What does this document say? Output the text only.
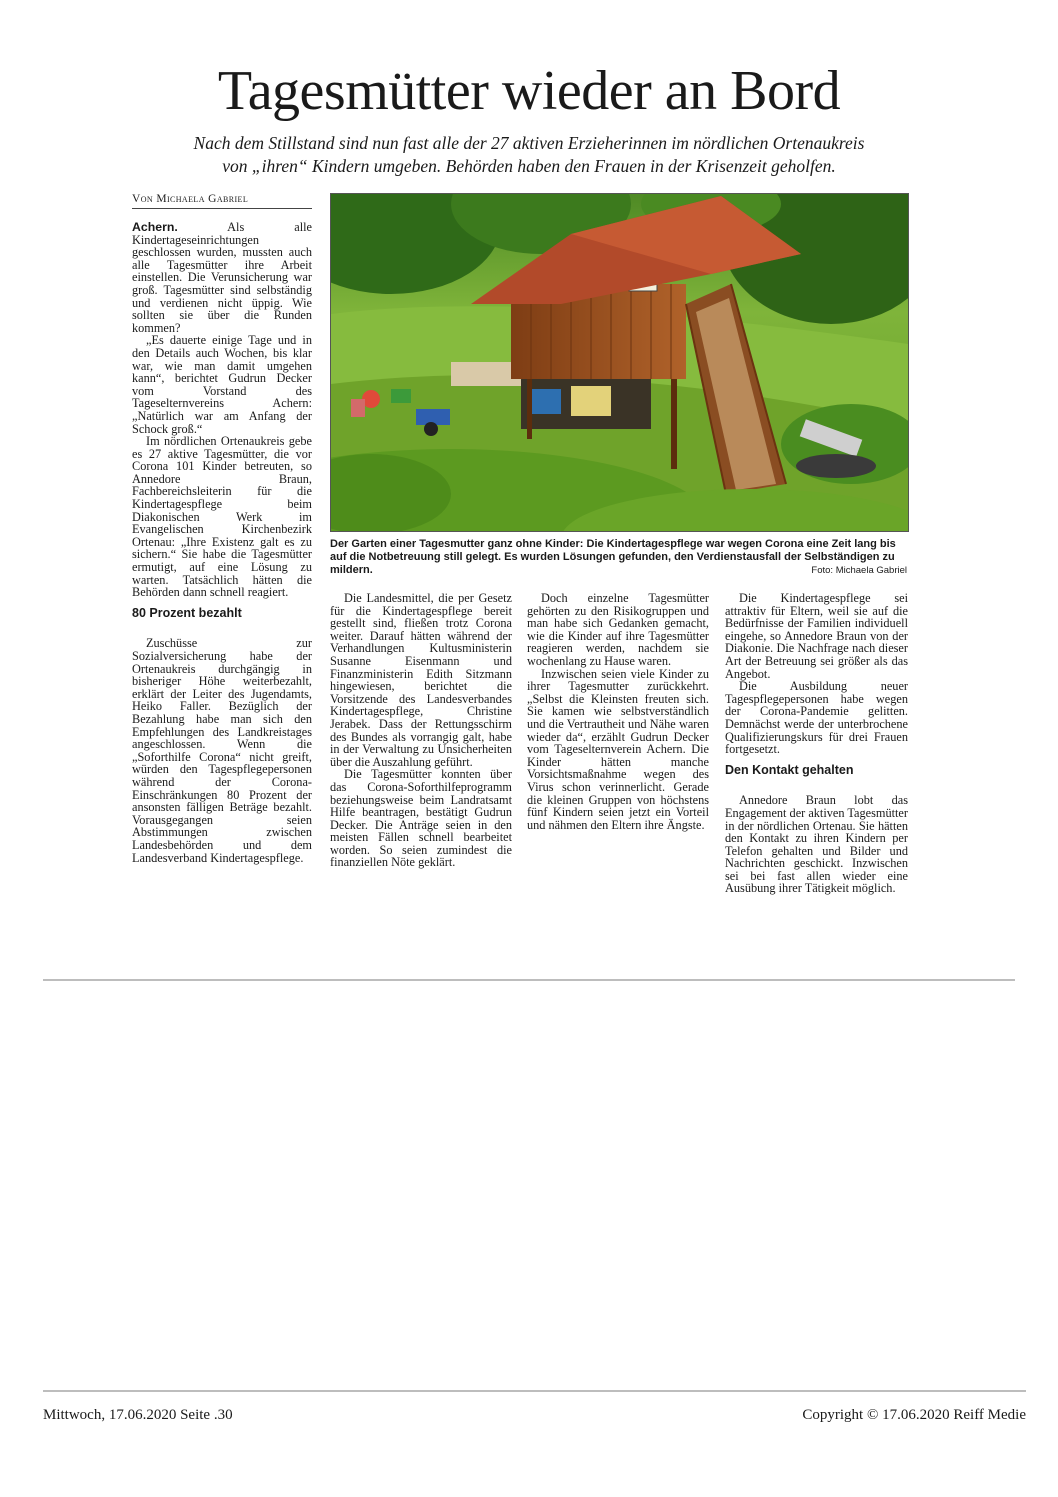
Tagesmütter wieder an Bord
Nach dem Stillstand sind nun fast alle der 27 aktiven Erzieherinnen im nördlichen Ortenaukreis
von „ihren“ Kindern umgeben. Behörden haben den Frauen in der Krisenzeit geholfen.
Von Michaela Gabriel

Achern.	Als alle Kindertageseinrichtungen geschlossen wurden, mussten auch alle Tagesmütter ihre Arbeit einstellen. Die Verunsicherung war groß. Tagesmütter sind selbständig und verdienen nicht üppig. Wie sollten sie über die Runden kommen?

„Es dauerte einige Tage und in den Details auch Wochen, bis klar war, wie man damit umgehen kann“, berichtet Gudrun Decker vom Vorstand des Tageselternvereins Achern: „Natürlich war am Anfang der Schock groß.“

Im nördlichen Ortenaukreis gebe es 27 aktive Tagesmütter, die vor Corona 101 Kinder betreuten, so Annedore Braun, Fachbereichsleiterin für die Kindertagespflege beim Diakonischen Werk im Evangelischen Kirchenbezirk Ortenau: „Ihre Existenz galt es zu sichern.“ Sie habe die Tagesmütter ermutigt, auf eine Lösung zu warten. Tatsächlich hätten die Behörden dann schnell reagiert.

80 Prozent bezahlt

Zuschüsse zur Sozialversicherung habe der Ortenaukreis durchgängig in bisheriger Höhe weiterbezahlt, erklärt der Leiter des Jugendamts, Heiko Faller. Bezüglich der Bezahlung habe man sich den Empfehlungen des Landkreistages angeschlossen. Wenn die „Soforthilfe Corona“ nicht greift, würden den Tagespflegepersonen während der Corona-Einschränkungen 80 Prozent der ansonsten fälligen Beträge bezahlt. Vorausgegangen seien Abstimmungen zwischen Landesbehörden und dem Landesverband Kindertagespflege.

Der Garten einer Tagesmutter ganz ohne Kinder: Die Kindertagespflege war wegen Corona eine Zeit lang bis auf die Notbetreuung still gelegt. Es wurden Lösungen gefunden, den Verdienstausfall der Selbständigen zu mildern.	Foto: Michaela Gabriel

Die Landesmittel, die per Gesetz für die Kindertagespflege bereit gestellt sind, fließen trotz Corona weiter. Darauf hätten während der Verhandlungen Kultusministerin Susanne Eisenmann und Finanzministerin Edith Sitzmann hingewiesen, berichtet die Vorsitzende des Landesverbandes Kindertagespflege, Christine Jerabek. Dass der Rettungsschirm des Bundes als vorrangig galt, habe in der Verwaltung zu Unsicherheiten über die Auszahlung geführt.

Die Tagesmütter konnten über das Corona-Soforthilfeprogramm beziehungsweise beim Landratsamt Hilfe beantragen, bestätigt Gudrun Decker. Die Anträge seien in den meisten Fällen schnell bearbeitet worden. So seien zumindest die finanziellen Nöte geklärt.

Doch einzelne Tagesmütter gehörten zu den Risikogruppen und man habe sich Gedanken gemacht, wie die Kinder auf ihre Tagesmütter reagieren werden, nachdem sie wochenlang zu Hause waren.

Inzwischen seien viele Kinder zu ihrer Tagesmutter zurückkehrt. „Selbst die Kleinsten freuten sich. Sie kamen wie selbstverständlich und die Vertrautheit und Nähe waren wieder da“, erzählt Gudrun Decker vom Tageselternverein Achern. Die Kinder hätten manche Vorsichtsmaßnahme wegen des Virus schon verinnerlicht. Gerade die kleinen Gruppen von höchstens fünf Kindern seien jetzt ein Vorteil und nähmen den Eltern ihre Ängste.

Die Kindertagespflege sei attraktiv für Eltern, weil sie auf die Bedürfnisse der Familien individuell eingehe, so Annedore Braun von der Diakonie. Die Nachfrage nach dieser Art der Betreuung sei größer als das Angebot.

Die Ausbildung neuer Tagespflegepersonen habe wegen der Corona-Pandemie gelitten. Demnächst werde der unterbrochene Qualifizierungskurs für drei Frauen fortgesetzt.

Den Kontakt gehalten

Annedore Braun lobt das Engagement der aktiven Tagesmütter in der nördlichen Ortenau. Sie hätten den Kontakt zu ihren Kindern per Telefon gehalten und Bilder und Nachrichten geschickt. Inzwischen sei bei fast allen wieder eine Ausübung ihrer Tätigkeit möglich.

Mittwoch, 17.06.2020 Seite .30	Copyright © 17.06.2020 Reiff Medie
